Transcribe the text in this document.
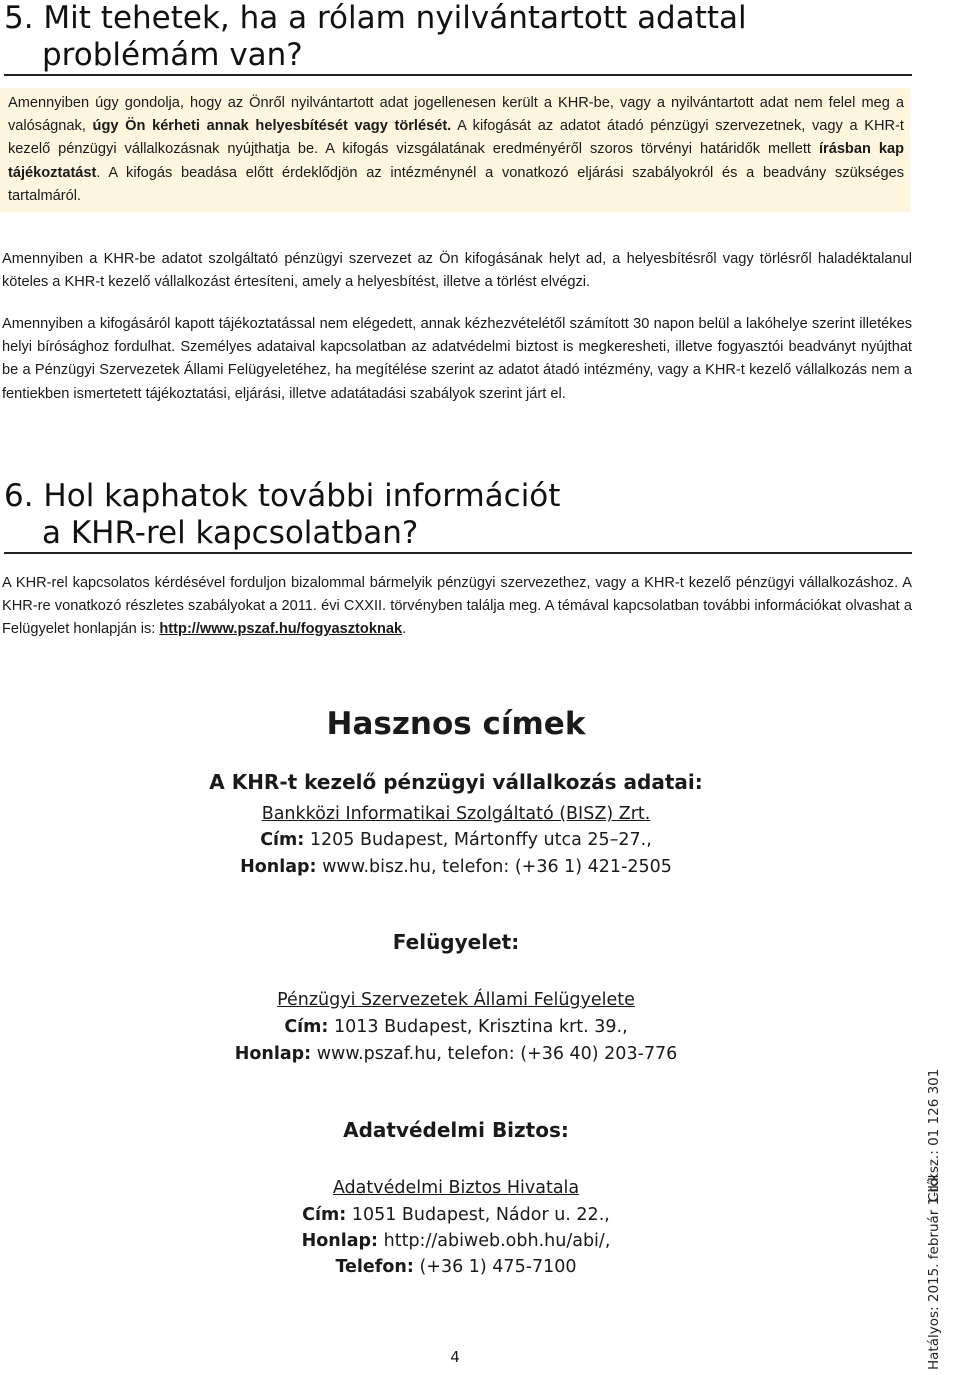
5. Mit tehetek, ha a rólam nyilvántartott adattal
problémám van?
Amennyiben úgy gondolja, hogy az Önről nyilvántartott adat jogellenesen került a KHR-be, vagy a nyilvántartott adat nem felel meg a valóságnak, úgy Ön kérheti annak helyesbítését vagy törlését. A kifogását az adatot átadó pénzügyi szervezetnek, vagy a KHR-t kezelő pénzügyi vállalkozásnak nyújthatja be. A kifogás vizsgálatának eredményéről szoros törvényi határidők mellett írásban kap tájékoztatást. A kifogás beadása előtt érdeklődjön az intézménynél a vonatkozó eljárási szabályokról és a beadvány szükséges tartalmáról.
Amennyiben a KHR-be adatot szolgáltató pénzügyi szervezet az Ön kifogásának helyt ad, a helyesbítésről vagy törlésről haladéktalanul köteles a KHR-t kezelő vállalkozást értesíteni, amely a helyesbítést, illetve a törlést elvégzi.
Amennyiben a kifogásáról kapott tájékoztatással nem elégedett, annak kézhezvételétől számított 30 napon belül a lakóhelye szerint illetékes helyi bírósághoz fordulhat. Személyes adataival kapcsolatban az adatvédelmi biztost is megkeresheti, illetve fogyasztói beadványt nyújthat be a Pénzügyi Szervezetek Állami Felügyeletéhez, ha megítélése szerint az adatot átadó intézmény, vagy a KHR-t kezelő vállalkozás nem a fentiekben ismertetett tájékoztatási, eljárási, illetve adatátadási szabályok szerint járt el.
6. Hol kaphatok további információt
a KHR-rel kapcsolatban?
A KHR-rel kapcsolatos kérdésével forduljon bizalommal bármelyik pénzügyi szervezethez, vagy a KHR-t kezelő pénzügyi vállalkozáshoz. A KHR-re vonatkozó részletes szabályokat a 2011. évi CXXII. törvényben találja meg. A témával kapcsolatban további információkat olvashat a Felügyelet honlapján is: http://www.pszaf.hu/fogyasztoknak.
Hasznos címek
A KHR-t kezelő pénzügyi vállalkozás adatai:
Bankközi Informatikai Szolgáltató (BISZ) Zrt.
Cím: 1205 Budapest, Mártonffy utca 25–27.,
Honlap: www.bisz.hu, telefon: (+36 1) 421-2505
Felügyelet:
Pénzügyi Szervezetek Állami Felügyelete
Cím: 1013 Budapest, Krisztina krt. 39.,
Honlap: www.pszaf.hu, telefon: (+36 40) 203-776
Adatvédelmi Biztos:
Adatvédelmi Biztos Hivatala
Cím: 1051 Budapest, Nádor u. 22.,
Honlap: http://abiweb.obh.hu/abi/,
Telefon: (+36 1) 475-7100
4	Hatályos: 2015. február 1-tőlCikksz.: 01 126 301
